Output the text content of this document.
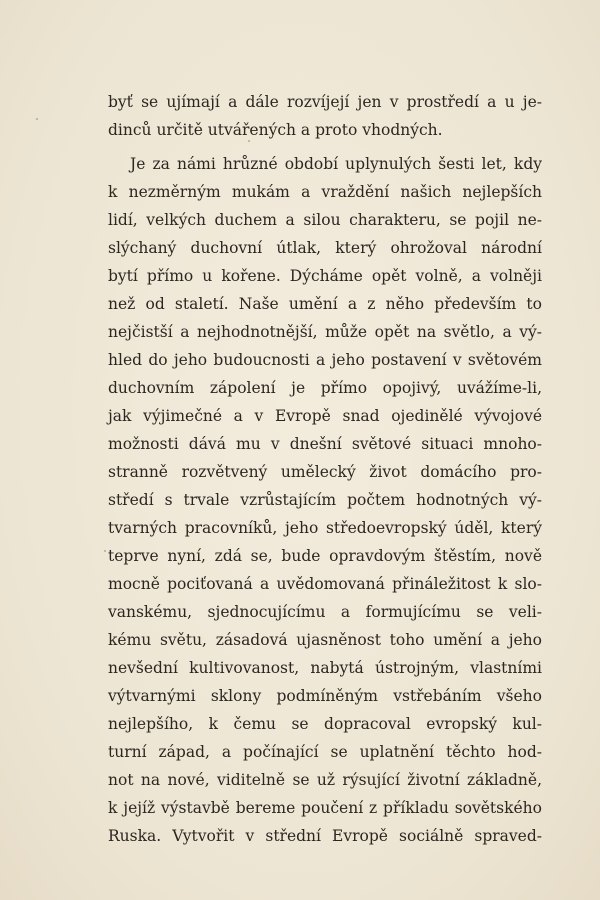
byť se ujímají a dále rozvíjejí jen v prostředí a u je-
dinců určitě utvářených a proto vhodných.
Je za námi hrůzné období uplynulých šesti let, kdy
k nezměrným mukám a vraždění našich nejlepších
lidí, velkých duchem a silou charakteru, se pojil ne-
slýchaný duchovní útlak, který ohrožoval národní
bytí přímo u kořene. Dýcháme opět volně, a volněji
než od staletí. Naše umění a z něho především to
nejčistší a nejhodnotnější, může opět na světlo, a vý-
hled do jeho budoucnosti a jeho postavení v světovém
duchovním zápolení je přímo opojivý, uvážíme-li,
jak výjimečné a v Evropě snad ojedinělé vývojové
možnosti dává mu v dnešní světové situaci mnoho-
stranně rozvětvený umělecký život domácího pro-
středí s trvale vzrůstajícím počtem hodnotných vý-
tvarných pracovníků, jeho středoevropský úděl, který
teprve nyní, zdá se, bude opravdovým štěstím, nově
mocně pociťovaná a uvědomovaná přináležitost k slo-
vanskému, sjednocujícímu a formujícímu se veli-
kému světu, zásadová ujasněnost toho umění a jeho
nevšední kultivovanost, nabytá ústrojným, vlastními
výtvarnými sklony podmíněným vstřebáním všeho
nejlepšího, k čemu se dopracoval evropský kul-
turní západ, a počínající se uplatnění těchto hod-
not na nové, viditelně se už rýsující životní základně,
k jejíž výstavbě bereme poučení z příkladu sovětského
Ruska. Vytvořit v střední Evropě sociálně spraved-
